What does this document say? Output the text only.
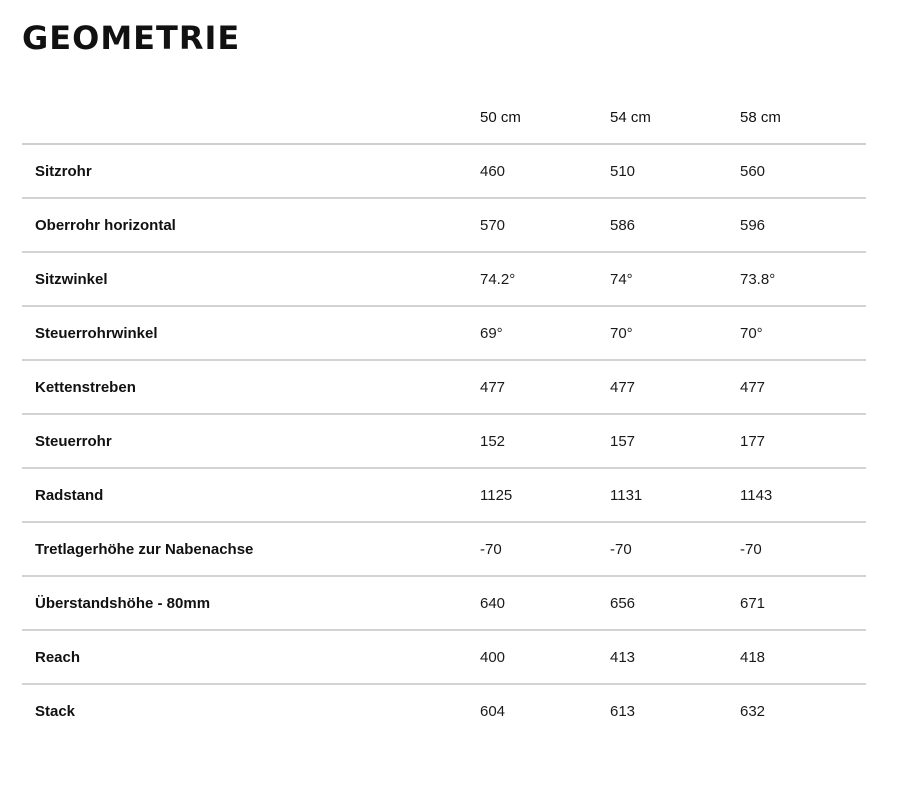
GEOMETRIE
	50 cm	54 cm	58 cm
Sitzrohr	460	510	560
Oberrohr horizontal	570	586	596
Sitzwinkel	74.2°	74°	73.8°
Steuerrohrwinkel	69°	70°	70°
Kettenstreben	477	477	477
Steuerrohr	152	157	177
Radstand	1125	1131	1143
Tretlagerhöhe zur Nabenachse	-70	-70	-70
Überstandshöhe - 80mm	640	656	671
Reach	400	413	418
Stack	604	613	632
